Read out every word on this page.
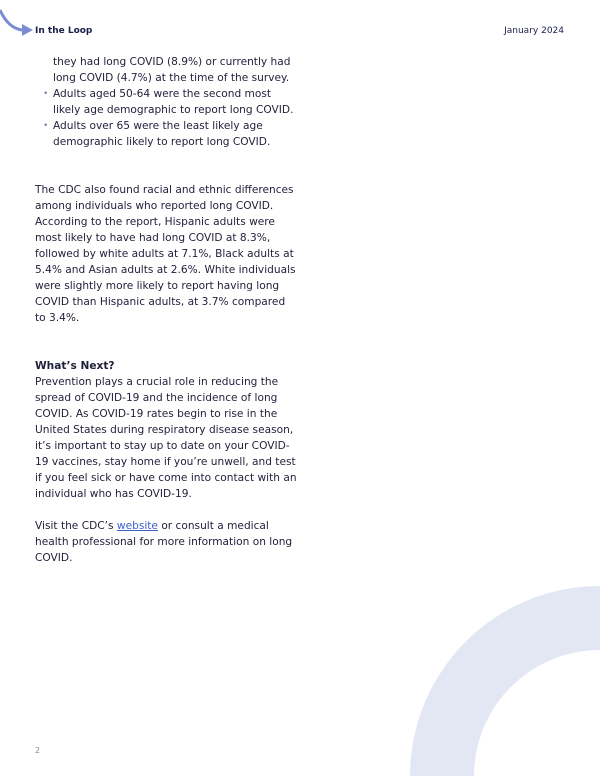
In the Loop	January 2024

they had long COVID (8.9%) or currently had long COVID (4.7%) at the time of the survey.

• Adults aged 50-64 were the second most likely age demographic to report long COVID.
• Adults over 65 were the least likely age demographic likely to report long COVID.

The CDC also found racial and ethnic differences among individuals who reported long COVID. According to the report, Hispanic adults were most likely to have had long COVID at 8.3%, followed by white adults at 7.1%, Black adults at 5.4% and Asian adults at 2.6%. White individuals were slightly more likely to report having long COVID than Hispanic adults, at 3.7% compared to 3.4%.

What’s Next?

Prevention plays a crucial role in reducing the spread of COVID-19 and the incidence of long COVID. As COVID-19 rates begin to rise in the United States during respiratory disease season, it’s important to stay up to date on your COVID-19 vaccines, stay home if you’re unwell, and test if you feel sick or have come into contact with an individual who has COVID-19.

Visit the CDC’s website or consult a medical health professional for more information on long COVID.

2
